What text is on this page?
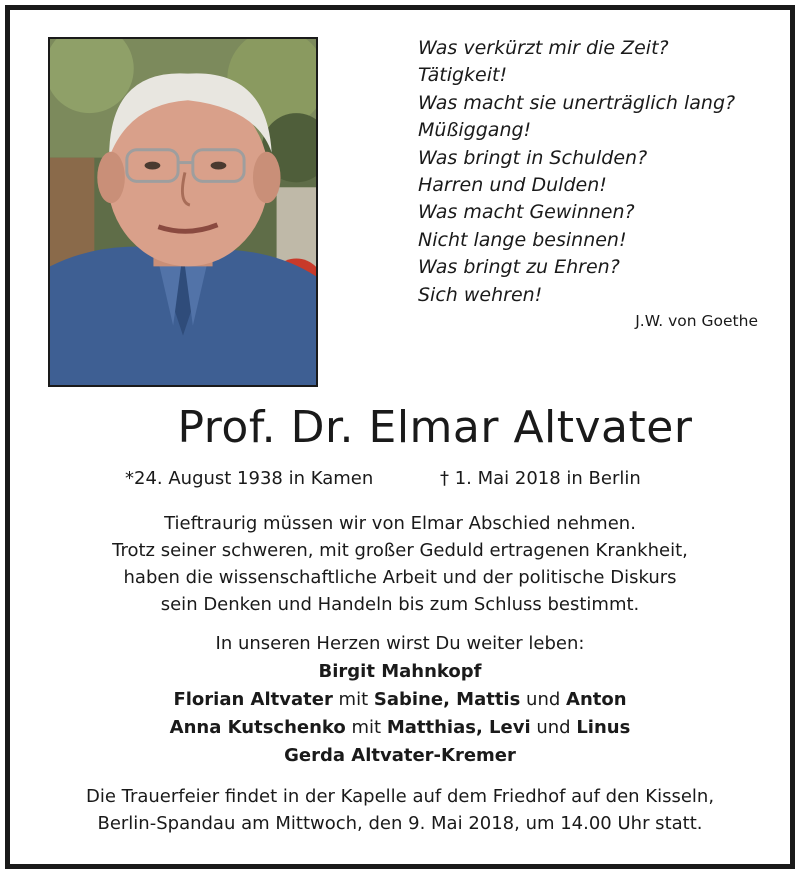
Was verkürzt mir die Zeit?
Tätigkeit!
Was macht sie unerträglich lang?
Müßiggang!
Was bringt in Schulden?
Harren und Dulden!
Was macht Gewinnen?
Nicht lange besinnen!
Was bringt zu Ehren?
Sich wehren!
J.W. von Goethe
Prof. Dr. Elmar Altvater
*24. August 1938 in Kamen	† 1. Mai 2018 in Berlin
Tieftraurig müssen wir von Elmar Abschied nehmen.
Trotz seiner schweren, mit großer Geduld ertragenen Krankheit,
haben die wissenschaftliche Arbeit und der politische Diskurs
sein Denken und Handeln bis zum Schluss bestimmt.
In unseren Herzen wirst Du weiter leben:
Birgit Mahnkopf
Florian Altvater mit Sabine, Mattis und Anton
Anna Kutschenko mit Matthias, Levi und Linus
Gerda Altvater-Kremer
Die Trauerfeier findet in der Kapelle auf dem Friedhof auf den Kisseln,
Berlin-Spandau am Mittwoch, den 9. Mai 2018, um 14.00 Uhr statt.
